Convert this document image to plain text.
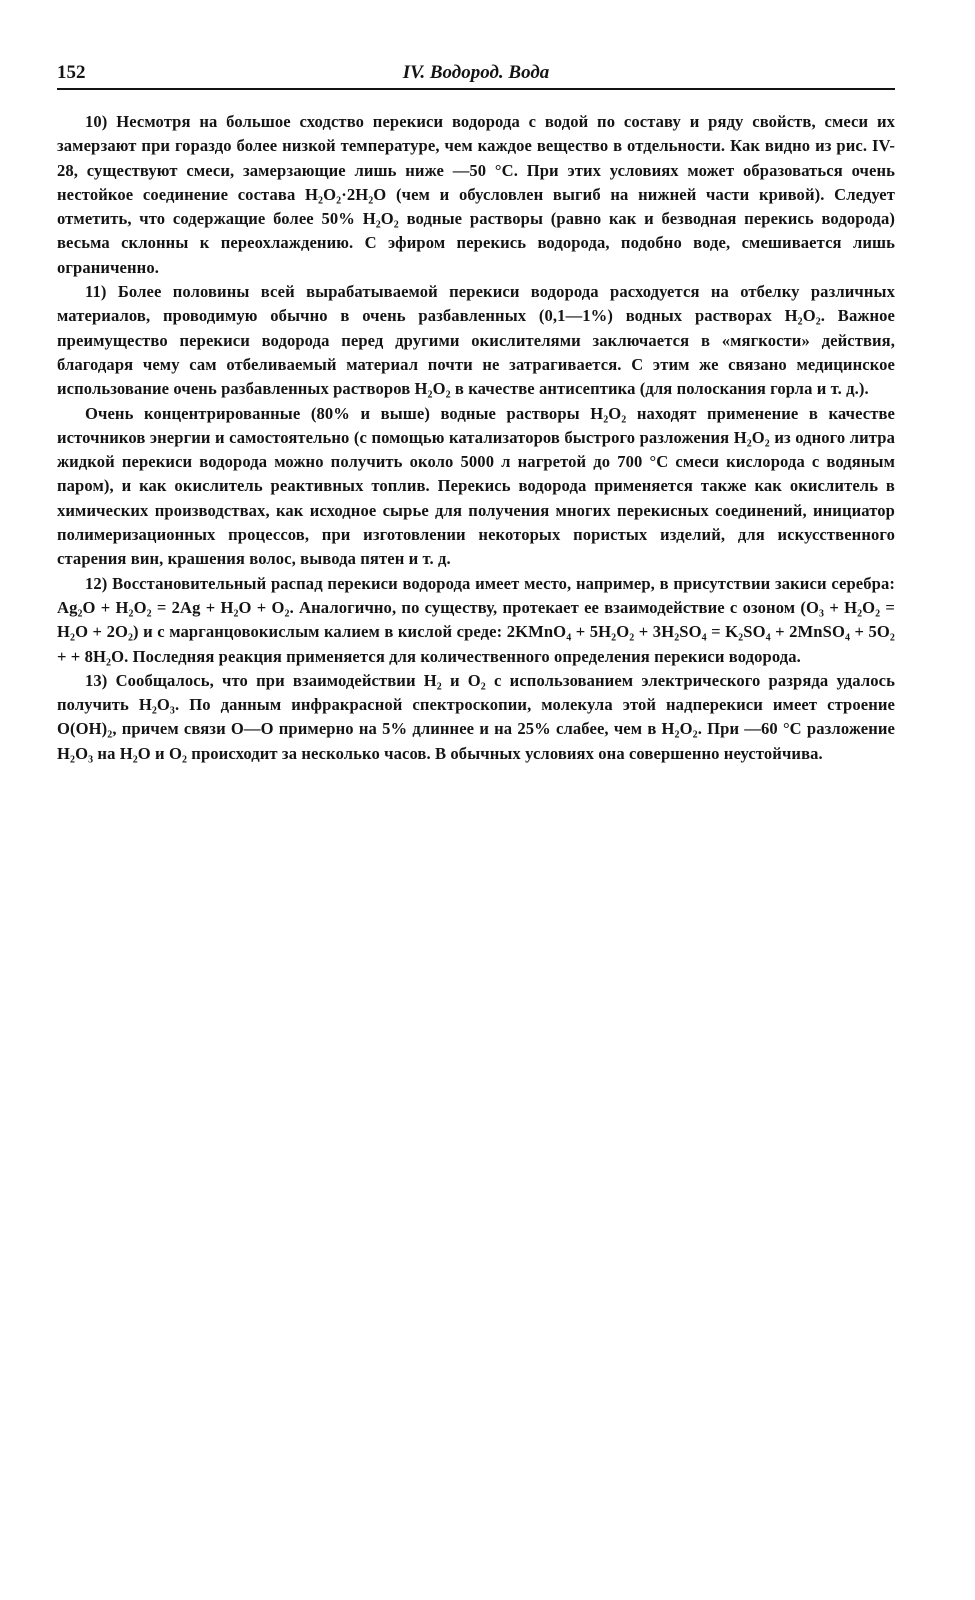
152	IV. Водород. Вода

10) Несмотря на большое сходство перекиси водорода с водой по составу и ряду свойств, смеси их замерзают при гораздо более низкой температуре, чем каждое вещество в отдельности. Как видно из рис. IV-28, существуют смеси, замерзающие лишь ниже —50 °С. При этих условиях может образоваться очень нестойкое соединение состава H₂O₂·2H₂O (чем и обусловлен выгиб на нижней части кривой). Следует отметить, что содержащие более 50% H₂O₂ водные растворы (равно как и безводная перекись водорода) весьма склонны к переохлаждению. С эфиром перекись водорода, подобно воде, смешивается лишь ограниченно.

11) Более половины всей вырабатываемой перекиси водорода расходуется на отбелку различных материалов, проводимую обычно в очень разбавленных (0,1—1%) водных растворах H₂O₂. Важное преимущество перекиси водорода перед другими окислителями заключается в «мягкости» действия, благодаря чему сам отбеливаемый материал почти не затрагивается. С этим же связано медицинское использование очень разбавленных растворов H₂O₂ в качестве антисептика (для полоскания горла и т. д.).

Очень концентрированные (80% и выше) водные растворы H₂O₂ находят применение в качестве источников энергии и самостоятельно (с помощью катализаторов быстрого разложения H₂O₂ из одного литра жидкой перекиси водорода можно получить около 5000 л нагретой до 700 °С смеси кислорода с водяным паром), и как окислитель реактивных топлив. Перекись водорода применяется также как окислитель в химических производствах, как исходное сырье для получения многих перекисных соединений, инициатор полимеризационных процессов, при изготовлении некоторых пористых изделий, для искусственного старения вин, крашения волос, вывода пятен и т. д.

12) Восстановительный распад перекиси водорода имеет место, например, в присутствии закиси серебра: Ag₂O + H₂O₂ = 2Ag + H₂O + O₂. Аналогично, по существу, протекает ее взаимодействие с озоном (O₃ + H₂O₂ = H₂O + 2O₂) и с марганцовокислым калием в кислой среде: 2KMnO₄ + 5H₂O₂ + 3H₂SO₄ = K₂SO₄ + 2MnSO₄ + 5O₂ + + 8H₂O. Последняя реакция применяется для количественного определения перекиси водорода.

13) Сообщалось, что при взаимодействии H₂ и O₂ с использованием электрического разряда удалось получить H₂O₃. По данным инфракрасной спектроскопии, молекула этой надперекиси имеет строение O(OH)₂, причем связи O—O примерно на 5% длиннее и на 25% слабее, чем в H₂O₂. При —60 °С разложение H₂O₃ на H₂O и O₂ происходит за несколько часов. В обычных условиях она совершенно неустойчива.
